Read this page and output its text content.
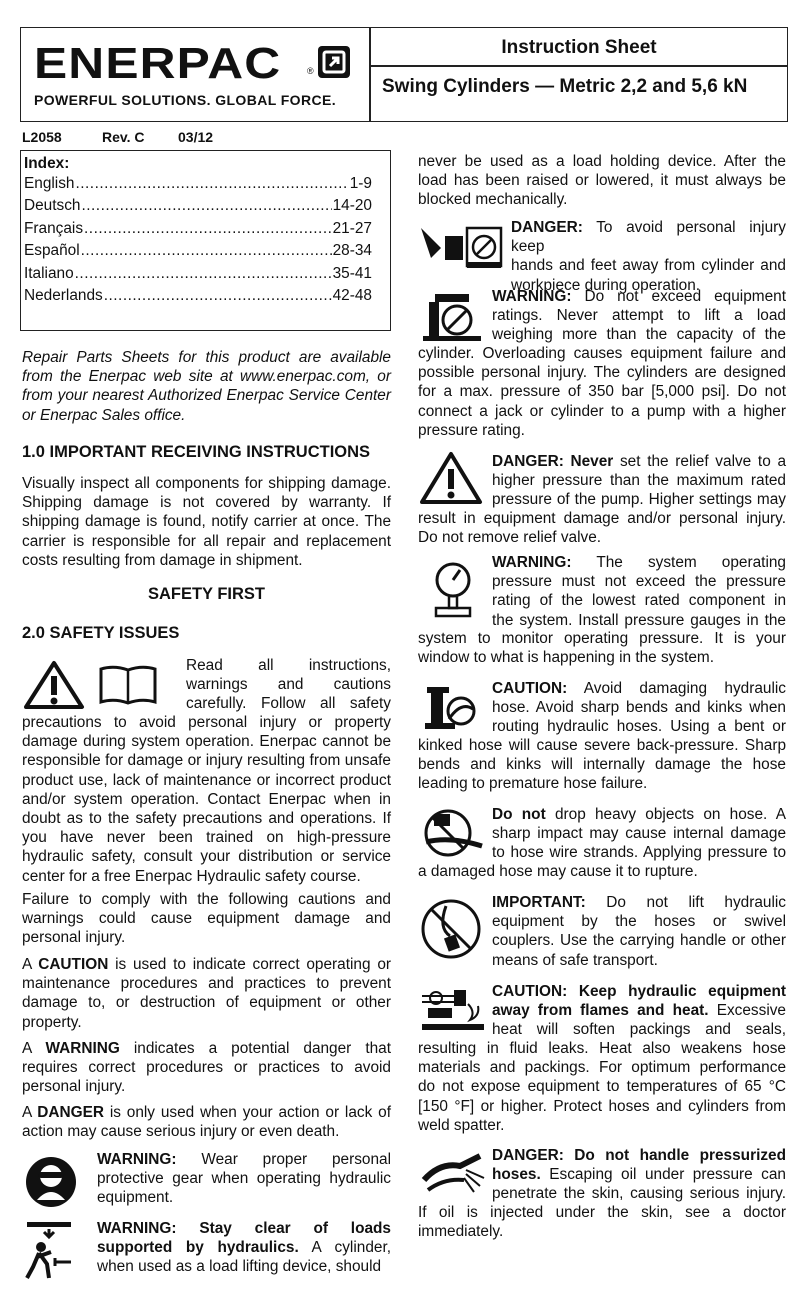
ENERPAC	®
POWERFUL SOLUTIONS. GLOBAL FORCE.
Instruction Sheet
Swing Cylinders — Metric 2,2 and 5,6 kN
L2058	Rev. C 03/12
Index:
English .....	1-9
Deutsch .....	14-20
Français .....	21-27
Español .....	28-34
Italiano .....	35-41
Nederlands .....	42-48
Repair Parts Sheets for this product are available
from the Enerpac web site at www.enerpac.com, or
from your nearest Authorized Enerpac Service Center
or Enerpac Sales office.
1.0 IMPORTANT RECEIVING INSTRUCTIONS
Visually inspect all components for shipping damage.
Shipping damage is not covered by warranty. If
shipping damage is found, notify carrier at once. The
carrier is responsible for all repair and replacement
costs resulting from damage in shipment.
SAFETY FIRST
2.0 SAFETY ISSUES
Read all instructions,
warnings and cautions
carefully. Follow all safety
precautions to avoid personal injury or property
damage during system operation. Enerpac cannot be
responsible for damage or injury resulting from unsafe
product use, lack of maintenance or incorrect product
and/or system operation. Contact Enerpac when in
doubt as to the safety precautions and operations. If
you have never been trained on high-pressure
hydraulic safety, consult your distribution or service
center for a free Enerpac Hydraulic safety course.
Failure to comply with the following cautions and
warnings could cause equipment damage and
personal injury.
A CAUTION is used to indicate correct operating or
maintenance procedures and practices to prevent
damage to, or destruction of equipment or other
property.
A WARNING indicates a potential danger that
requires correct procedures or practices to avoid
personal injury.
A DANGER is only used when your action or lack of
action may cause serious injury or even death.
WARNING: Wear proper personal
protective gear when operating hydraulic
equipment.
WARNING: Stay clear of loads
supported by hydraulics. A cylinder,
when used as a load lifting device, should
never be used as a load holding device. After the
load has been raised or lowered, it must always be
blocked mechanically.
DANGER: To avoid personal injury keep
hands and feet away from cylinder and
workpiece during operation.
WARNING: Do not exceed equipment
ratings. Never attempt to lift a load
weighing more than the capacity of the
cylinder. Overloading causes equipment failure and
possible personal injury. The cylinders are designed
for a max. pressure of 350 bar [5,000 psi]. Do not
connect a jack or cylinder to a pump with a higher
pressure rating.
DANGER: Never set the relief valve to a
higher pressure than the maximum rated
pressure of the pump. Higher settings may
result in equipment damage and/or personal injury.
Do not remove relief valve.
WARNING: The system operating
pressure must not exceed the pressure
rating of the lowest rated component in
the system. Install pressure gauges in the
system to monitor operating pressure. It is your
window to what is happening in the system.
CAUTION: Avoid damaging hydraulic
hose. Avoid sharp bends and kinks when
routing hydraulic hoses. Using a bent or
kinked hose will cause severe back-pressure. Sharp
bends and kinks will internally damage the hose
leading to premature hose failure.
Do not drop heavy objects on hose. A
sharp impact may cause internal damage
to hose wire strands. Applying pressure to
a damaged hose may cause it to rupture.
IMPORTANT: Do not lift hydraulic
equipment by the hoses or swivel
couplers. Use the carrying handle or other
means of safe transport.
CAUTION: Keep hydraulic equipment
away from flames and heat. Excessive
heat will soften packings and seals,
resulting in fluid leaks. Heat also weakens hose
materials and packings. For optimum performance
do not expose equipment to temperatures of 65 °C
[150 °F] or higher. Protect hoses and cylinders from
weld spatter.
DANGER: Do not handle pressurized
hoses. Escaping oil under pressure can
penetrate the skin, causing serious injury.
If oil is injected under the skin, see a doctor
immediately.
